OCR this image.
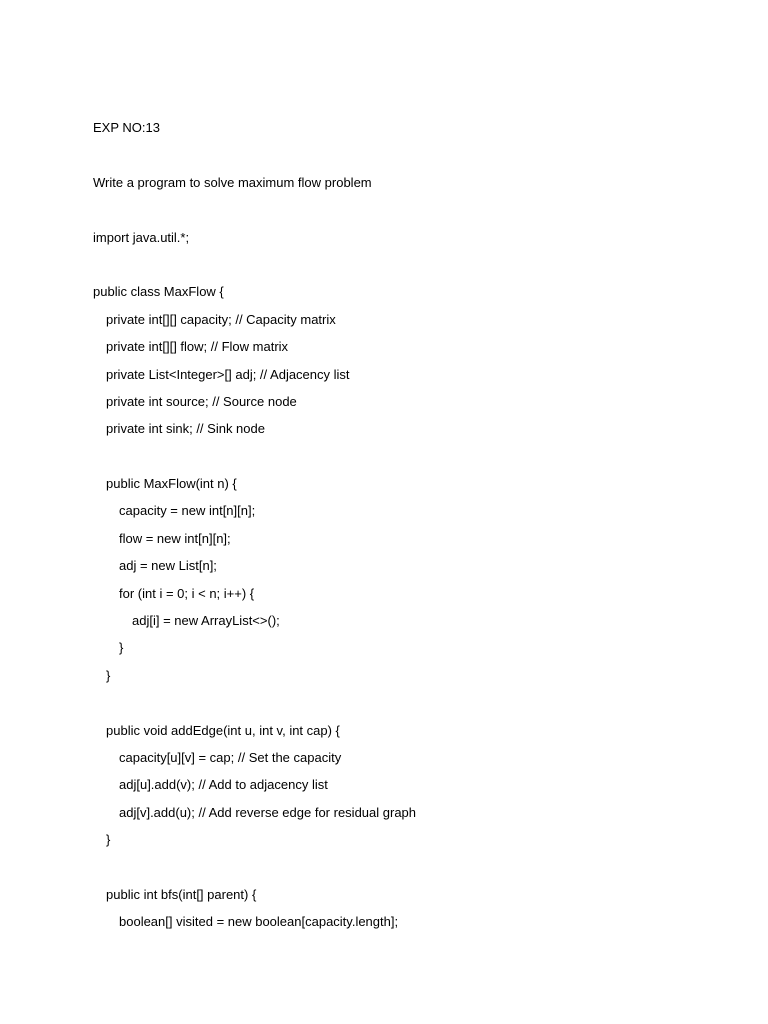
EXP NO:13
Write a program to solve maximum flow problem
import java.util.*;
public class MaxFlow {
private int[][] capacity; // Capacity matrix
private int[][] flow; // Flow matrix
private List<Integer>[] adj; // Adjacency list
private int source; // Source node
private int sink; // Sink node
public MaxFlow(int n) {
capacity = new int[n][n];
flow = new int[n][n];
adj = new List[n];
for (int i = 0; i < n; i++) {
adj[i] = new ArrayList<>();
}
}
public void addEdge(int u, int v, int cap) {
capacity[u][v] = cap; // Set the capacity
adj[u].add(v); // Add to adjacency list
adj[v].add(u); // Add reverse edge for residual graph
}
public int bfs(int[] parent) {
boolean[] visited = new boolean[capacity.length];
